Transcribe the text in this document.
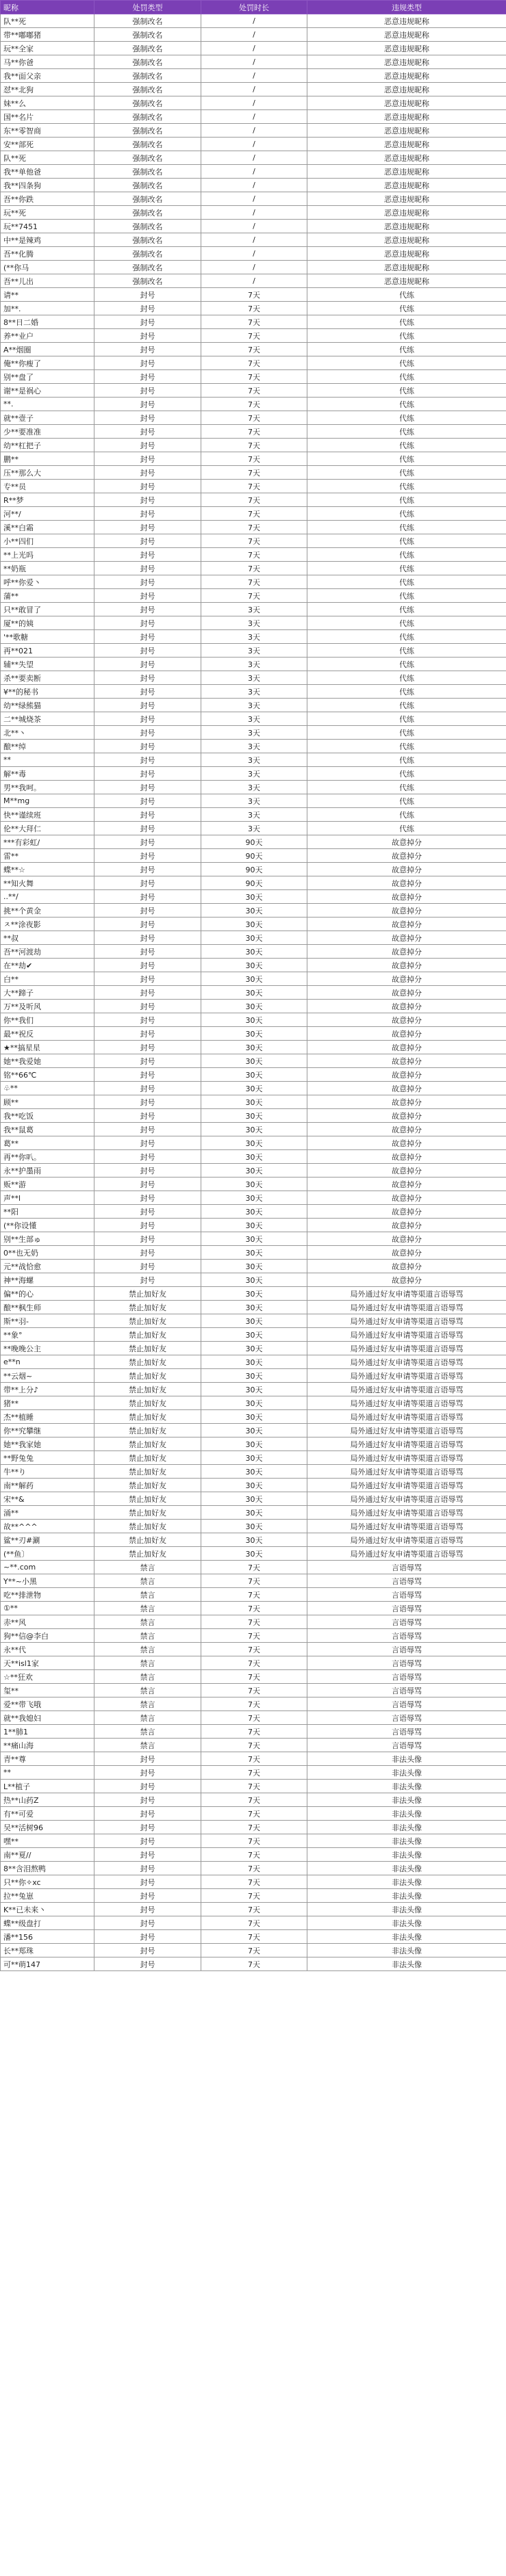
昵称	处罚类型	处罚时长	违规类型
队**死	强制改名	/	恶意违规昵称
带**嘟嘟猪	强制改名	/	恶意违规昵称
玩**全家	强制改名	/	恶意违规昵称
马**你爸	强制改名	/	恶意违规昵称
我**面父亲	强制改名	/	恶意违规昵称
怼**北狗	强制改名	/	恶意违规昵称
妹**么	强制改名	/	恶意违规昵称
国**名片	强制改名	/	恶意违规昵称
东**零智商	强制改名	/	恶意违规昵称
安**部死	强制改名	/	恶意违规昵称
队**死	强制改名	/	恶意违规昵称
我**单他爸	强制改名	/	恶意违规昵称
我**四条狗	强制改名	/	恶意违规昵称
吾**你跌	强制改名	/	恶意违规昵称
玩**死	强制改名	/	恶意违规昵称
玩**7451	强制改名	/	恶意违规昵称
中**是辣鸡	强制改名	/	恶意违规昵称
吾**化腾	强制改名	/	恶意违规昵称
(**你马	强制改名	/	恶意违规昵称
吾**儿出	强制改名	/	恶意违规昵称
请**	封号	7天	代练
加**.	封号	7天	代练
8**日二婚	封号	7天	代练
养**业户	封号	7天	代练
A**烟圈	封号	7天	代练
俺**你瘦了	封号	7天	代练
别**盘了	封号	7天	代练
谢**是祸心	封号	7天	代练
**.	封号	7天	代练
就**壹子	封号	7天	代练
少**要准准	封号	7天	代练
幼**杠把子	封号	7天	代练
鹏**	封号	7天	代练
压**那么大	封号	7天	代练
专**员	封号	7天	代练
R**梦	封号	7天	代练
河**/	封号	7天	代练
溪**白霜	封号	7天	代练
小**四们	封号	7天	代练
**上光吗	封号	7天	代练
**奶瓶	封号	7天	代练
呼**你爱丶	封号	7天	代练
蒲**	封号	7天	代练
只**敢冒了	封号	3天	代练
厦**的姨	封号	3天	代练
'**歌糖	封号	3天	代练
再**021	封号	3天	代练
辅**失望	封号	3天	代练
杀**要卖断	封号	3天	代练
¥**的秘书	封号	3天	代练
幼**绿熊猫	封号	3天	代练
二**城烧茶	封号	3天	代练
北**丶	封号	3天	代练
酿**绰	封号	3天	代练
**	封号	3天	代练
解**毒	封号	3天	代练
男**我呵。	封号	3天	代练
M**mg	封号	3天	代练
快**谨续班	封号	3天	代练
伦**大拜仁	封号	3天	代练
***有彩虹/	封号	90天	故意掉分
雷**	封号	90天	故意掉分
蝶**☆	封号	90天	故意掉分
**知火舞	封号	90天	故意掉分
..**/	封号	30天	故意掉分
挑**个黄金	封号	30天	故意掉分
ㅈ**涂夜影	封号	30天	故意掉分
**叔	封号	30天	故意掉分
吾**河渡劫	封号	30天	故意掉分
在**劫✔	封号	30天	故意掉分
白**	封号	30天	故意掉分
大**蹄子	封号	30天	故意掉分
万**及听风	封号	30天	故意掉分
你**我们	封号	30天	故意掉分
最**祝反	封号	30天	故意掉分
★**搞星星	封号	30天	故意掉分
她**我爱她	封号	30天	故意掉分
铭**66℃	封号	30天	故意掉分
♧**	封号	30天	故意掉分
顾**	封号	30天	故意掉分
我**吃饭	封号	30天	故意掉分
我**鼠葛	封号	30天	故意掉分
葛**	封号	30天	故意掉分
再**你叭。	封号	30天	故意掉分
永**护墨雨	封号	30天	故意掉分
贩**游	封号	30天	故意掉分
声**l	封号	30天	故意掉分
**阳	封号	30天	故意掉分
(**你设懂	封号	30天	故意掉分
别**生部ゅ	封号	30天	故意掉分
0**也无奶	封号	30天	故意掉分
元**战恰愈	封号	30天	故意掉分
神**海螺	封号	30天	故意掉分
偏**的心	禁止加好友	30天	局外通过好友申请等渠道言语辱骂
酿**枫生师	禁止加好友	30天	局外通过好友申请等渠道言语辱骂
斯**羽-	禁止加好友	30天	局外通过好友申请等渠道言语辱骂
**象°	禁止加好友	30天	局外通过好友申请等渠道言语辱骂
**晚晚公主	禁止加好友	30天	局外通过好友申请等渠道言语辱骂
e**n	禁止加好友	30天	局外通过好友申请等渠道言语辱骂
**云烟~	禁止加好友	30天	局外通过好友申请等渠道言语辱骂
带**上分♪	禁止加好友	30天	局外通过好友申请等渠道言语辱骂
猪**	禁止加好友	30天	局外通过好友申请等渠道言语辱骂
杰**植睡	禁止加好友	30天	局外通过好友申请等渠道言语辱骂
你**究攀继	禁止加好友	30天	局外通过好友申请等渠道言语辱骂
她**我家她	禁止加好友	30天	局外通过好友申请等渠道言语辱骂
**野兔兔	禁止加好友	30天	局外通过好友申请等渠道言语辱骂
牛**り	禁止加好友	30天	局外通过好友申请等渠道言语辱骂
南**解药	禁止加好友	30天	局外通过好友申请等渠道言语辱骂
宋**&	禁止加好友	30天	局外通过好友申请等渠道言语辱骂
涌**	禁止加好友	30天	局外通过好友申请等渠道言语辱骂
故**^^^	禁止加好友	30天	局外通过好友申请等渠道言语辱骂
鲨**刃#涮	禁止加好友	30天	局外通过好友申请等渠道言语辱骂
(**鱼〕	禁止加好友	30天	局外通过好友申请等渠道言语辱骂
~**.com	禁言	7天	言语辱骂
Y**~小黑	禁言	7天	言语辱骂
吃**排泄物	禁言	7天	言语辱骂
①**	禁言	7天	言语辱骂
赤**风	禁言	7天	言语辱骂
狗**信@李白	禁言	7天	言语辱骂
永**代	禁言	7天	言语辱骂
天**isl1家	禁言	7天	言语辱骂
☆**狂欢	禁言	7天	言语辱骂
玺**	禁言	7天	言语辱骂
爱**带飞哦	禁言	7天	言语辱骂
就**我媳妇	禁言	7天	言语辱骂
1**肺1	禁言	7天	言语辱骂
**痛山海	禁言	7天	言语辱骂
青**尊	封号	7天	非法头像
**	封号	7天	非法头像
L**植子	封号	7天	非法头像
热**山药Z	封号	7天	非法头像
有**可爱	封号	7天	非法头像
吴**活树96	封号	7天	非法头像
嘿**	封号	7天	非法头像
南**夏//	封号	7天	非法头像
8**含泪熬鸭	封号	7天	非法头像
只**你✧xc	封号	7天	非法头像
拉**兔崽	封号	7天	非法头像
K**已未来丶	封号	7天	非法头像
蝶**级盘打	封号	7天	非法头像
潘**156	封号	7天	非法头像
长**郑珠	封号	7天	非法头像
可**萌147	封号	7天	非法头像
